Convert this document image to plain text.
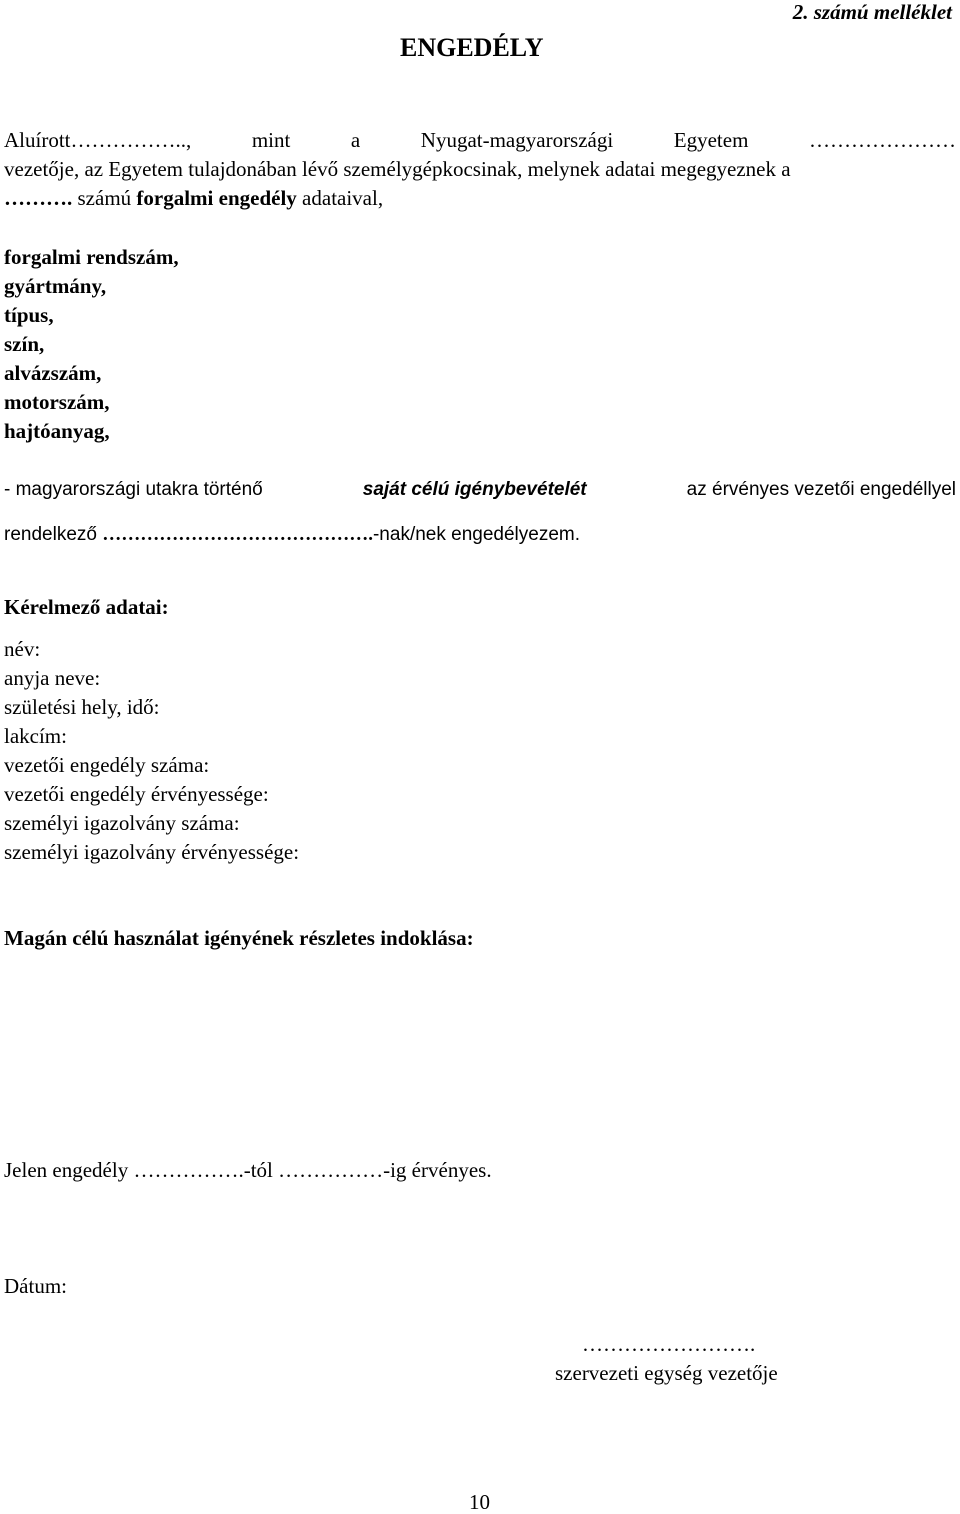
2. számú melléklet
ENGEDÉLY
Aluírott……………..,	mint	a	Nyugat-magyarországi	Egyetem	…………………
vezetője, az Egyetem tulajdonában lévő személygépkocsinak, melynek adatai megegyeznek a
………. számú forgalmi engedély adataival,
forgalmi rendszám,
gyártmány,
típus,
szín,
alvázszám,
motorszám,
hajtóanyag,
- magyarországi utakra történő	saját célú igénybevételét	az érvényes vezetői engedéllyel
rendelkező …………………………………….-nak/nek engedélyezem.
Kérelmező adatai:
név:
anyja neve:
születési hely, idő:
lakcím:
vezetői engedély száma:
vezetői engedély érvényessége:
személyi igazolvány száma:
személyi igazolvány érvényessége:
Magán célú használat igényének részletes indoklása:
Jelen engedély …………….-tól ……………-ig érvényes.
Dátum:
…………………….
szervezeti egység vezetője
10
